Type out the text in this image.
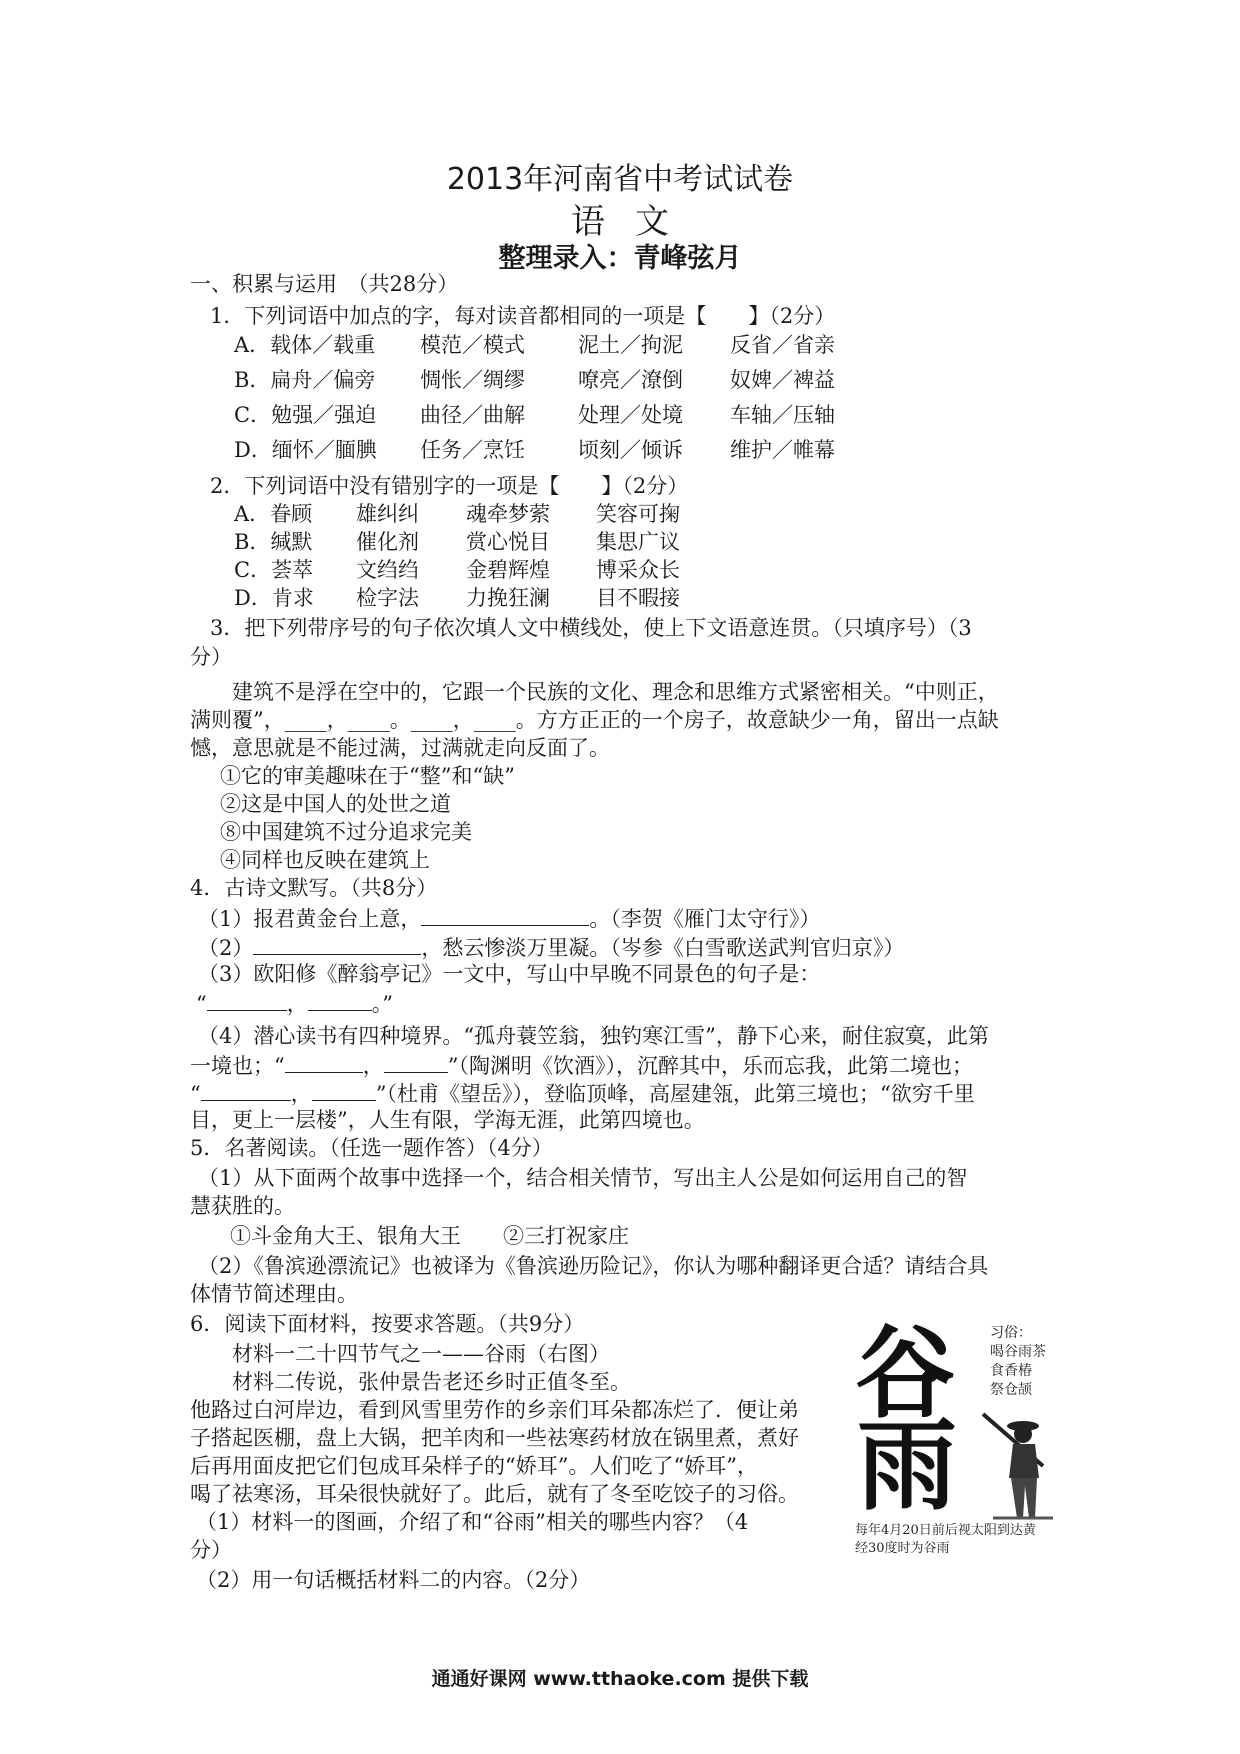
2013年河南省中考试试卷
语文
整理录入：青峰弦月
一、积累与运用　（共28分）
1．下列词语中加点的字，每对读音都相同的一项是【　　】（2分）
A．载体／载重 模范／模式	泥土／拘泥 反省／省亲
B．扁舟／偏旁 惆怅／绸缪	嘹亮／潦倒 奴婢／裨益
C．勉强／强迫 曲径／曲解	处理／处境 车轴／压轴
D．缅怀／腼腆 任务／烹饪	顷刻／倾诉 维护／帷幕
2．下列词语中没有错别字的一项是【　　】（2分）
A．眷顾 雄纠纠 魂牵梦萦 笑容可掬
B．缄默 催化剂 赏心悦目 集思广议
C．荟萃 文绉绉 金碧辉煌 博采众长
D．肯求 检字法 力挽狂澜 目不暇接
3．把下列带序号的句子依次填人文中横线处，使上下文语意连贯。（只填序号）（3
分）
建筑不是浮在空中的，它跟一个民族的文化、理念和思维方式紧密相关。“中则正，
满则覆”，____，____。____，____。方方正正的一个房子，故意缺少一角，留出一点缺
憾，意思就是不能过满，过满就走向反面了。
①它的审美趣味在于“整”和“缺”
②这是中国人的处世之道
⑧中国建筑不过分追求完美
④同样也反映在建筑上
4．古诗文默写。（共8分）
（1）报君黄金台上意，	。（李贺《雁门太守行》）
（2）	，愁云惨淡万里凝。（岑参《白雪歌送武判官归京》）
（3）欧阳修《醉翁亭记》一文中，写山中早晚不同景色的句子是：
“	，	。”
（4）潜心读书有四种境界。“孤舟蓑笠翁，独钓寒江雪”，静下心来，耐住寂寞，此第
一境也；“	，	”（陶渊明《饮酒》），沉醉其中，乐而忘我，此第二境也；
“	，	”（杜甫《望岳》），登临顶峰，高屋建瓴，此第三境也；“欲穷千里
目，更上一层楼”，人生有限，学海无涯，此第四境也。
5．名著阅读。（任选一题作答）（4分）
（1）从下面两个故事中选择一个，结合相关情节，写出主人公是如何运用自己的智
慧获胜的。
①斗金角大王、银角大王　　②三打祝家庄
（2）《鲁滨逊漂流记》也被译为《鲁滨逊历险记》，你认为哪种翻译更合适？请结合具
体情节简述理由。
6．阅读下面材料，按要求答题。（共9分）
材料一二十四节气之一——谷雨（右图）
材料二传说，张仲景告老还乡时正值冬至。
他路过白河岸边，看到风雪里劳作的乡亲们耳朵都冻烂了．便让弟
子搭起医棚，盘上大锅，把羊肉和一些祛寒药材放在锅里煮，煮好
后再用面皮把它们包成耳朵样子的“娇耳”。人们吃了“娇耳”，
喝了祛寒汤，耳朵很快就好了。此后，就有了冬至吃饺子的习俗。
（1）材料一的图画，介绍了和“谷雨”相关的哪些内容？（4
分）
（2）用一句话概括材料二的内容。（2分）
谷
雨
习俗：
喝谷雨茶
食香椿
祭仓颉
每年4月20日前后视太阳到达黄
经30度时为谷雨
通通好课网 www.tthaoke.com 提供下载
